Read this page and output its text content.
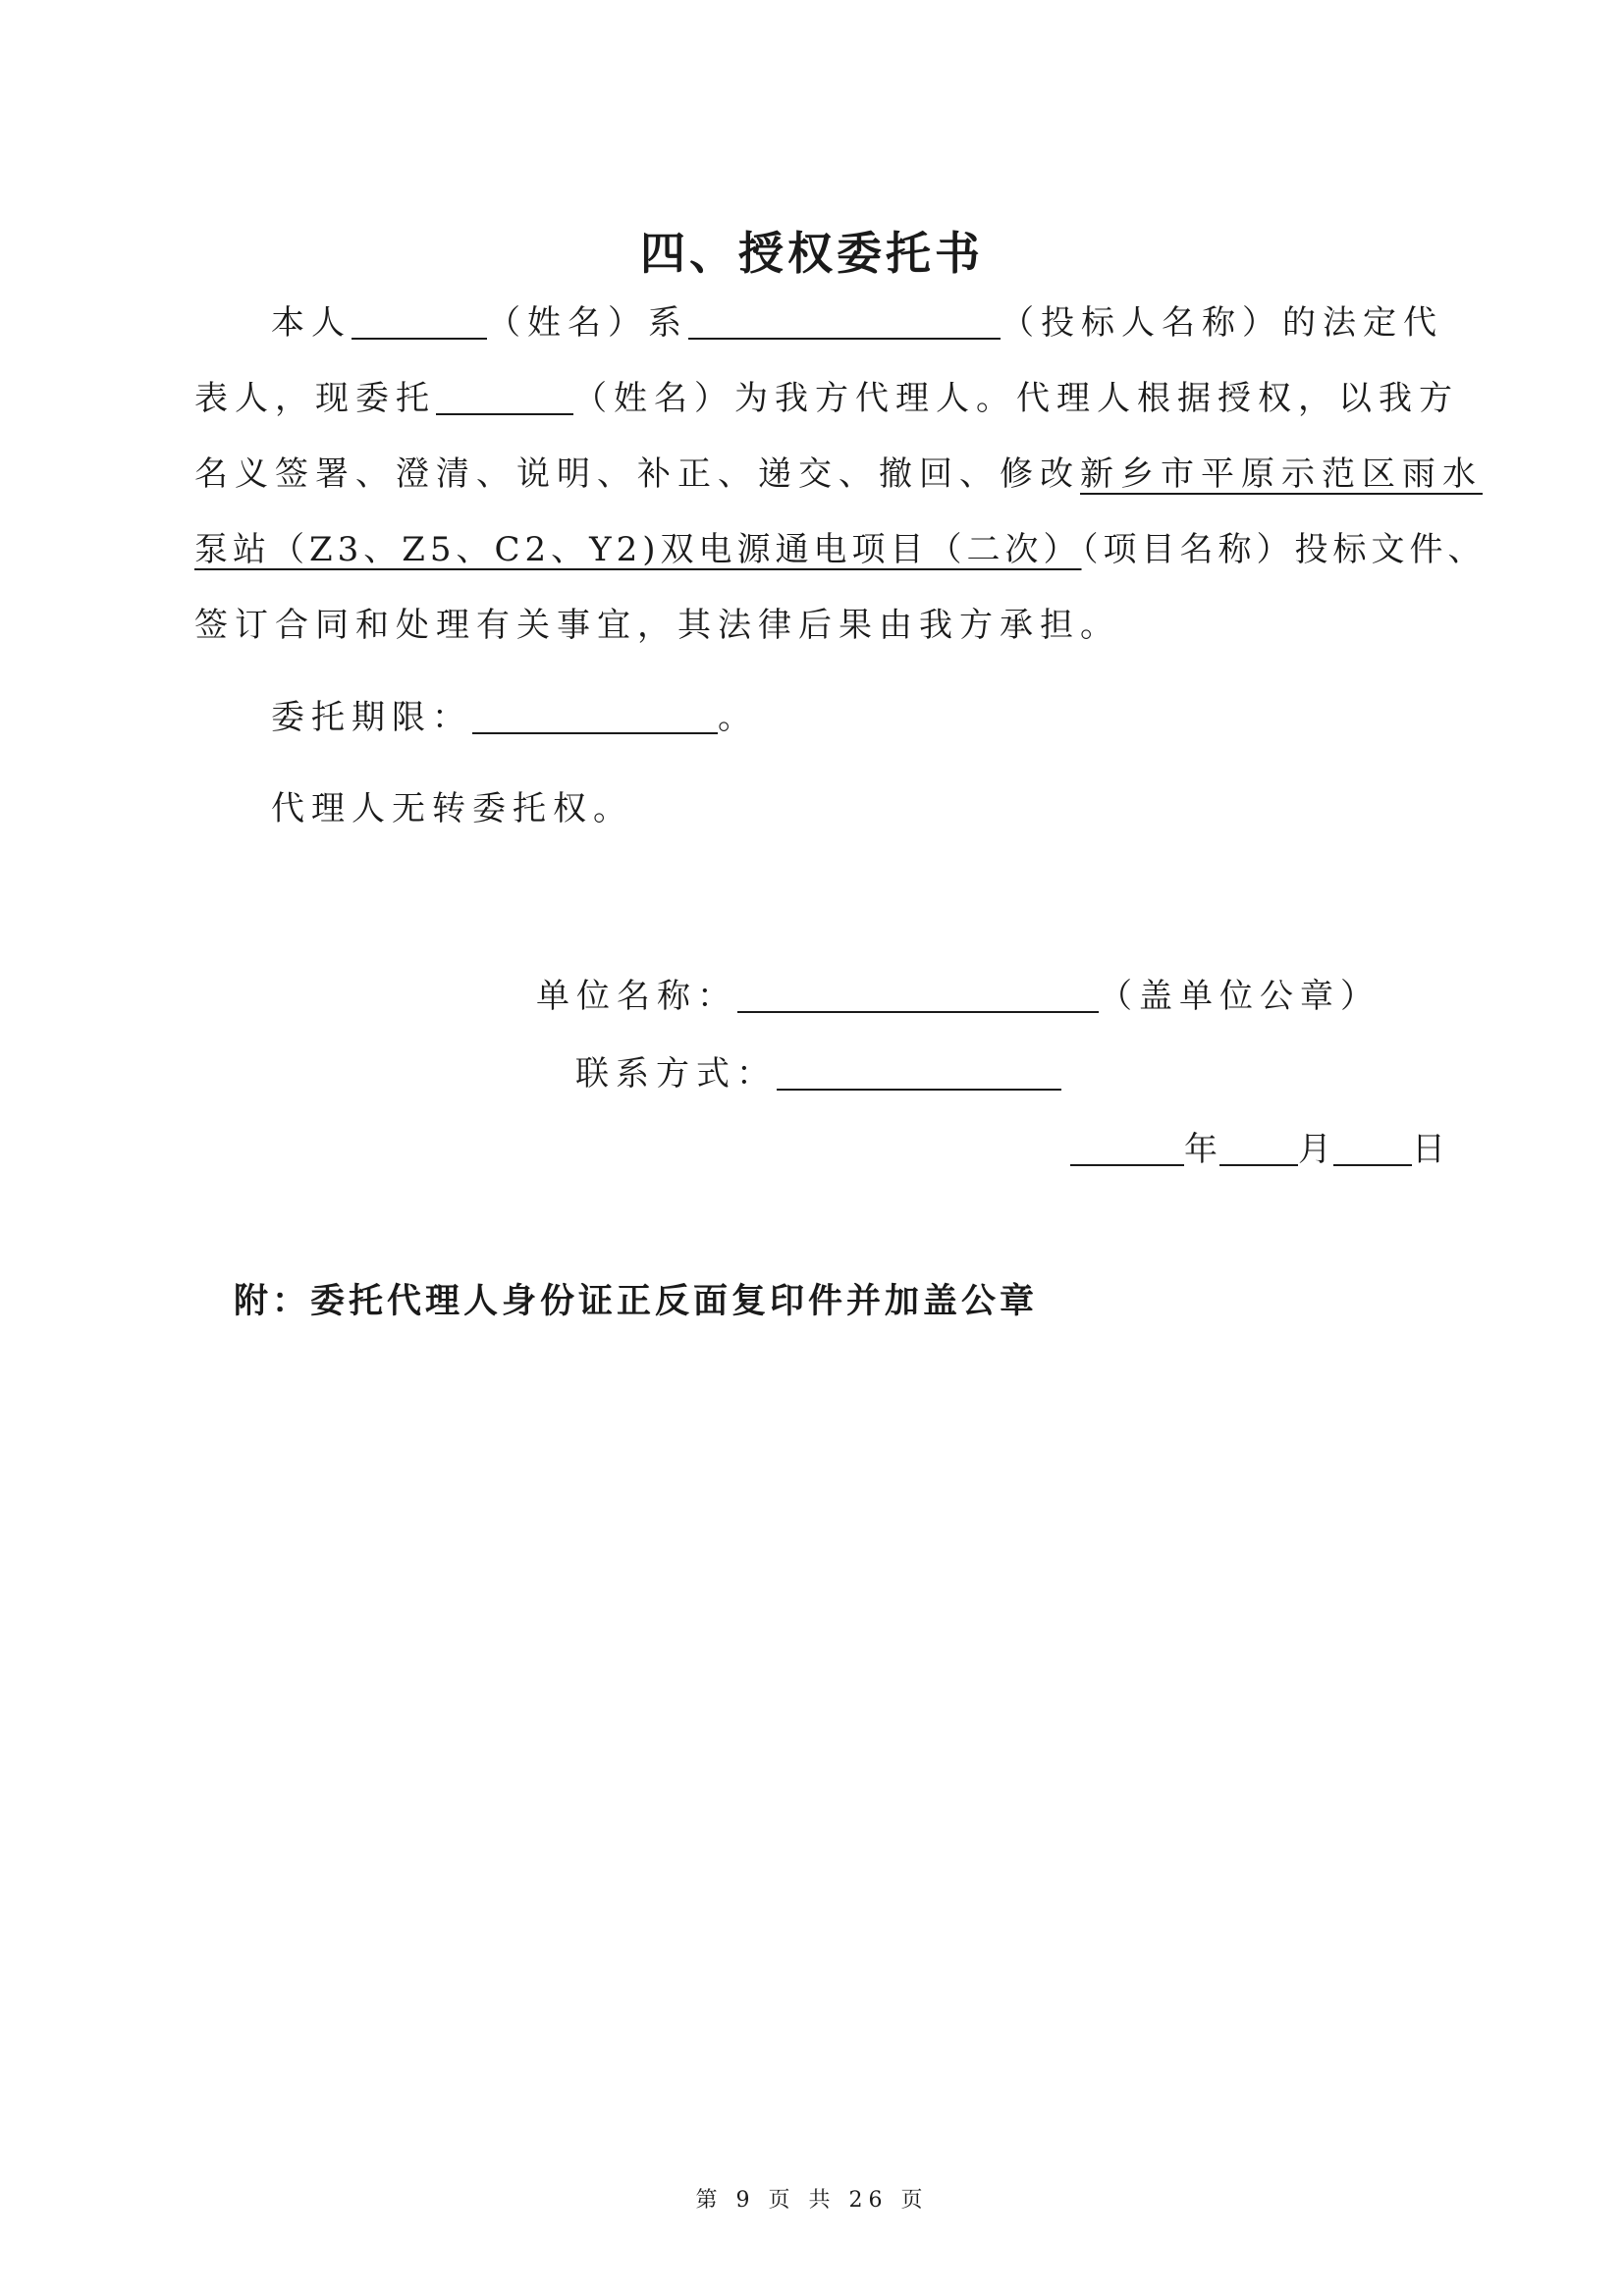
四、授权委托书
本人	（姓名）系	（投标人名称）的法定代
表人，现委托	（姓名）为我方代理人。代理人根据授权，以我方
名义签署、澄清、说明、补正、递交、撤回、修改新乡市平原示范区雨水
泵站（Z3、Z5、C2、Y2)双电源通电项目（二次）（项目名称）投标文件、
签订合同和处理有关事宜，其法律后果由我方承担。
委托期限：	。
代理人无转委托权。
单位名称：	（盖单位公章）
联系方式：
年 月 日
附：委托代理人身份证正反面复印件并加盖公章
第 9 页 共 26 页
